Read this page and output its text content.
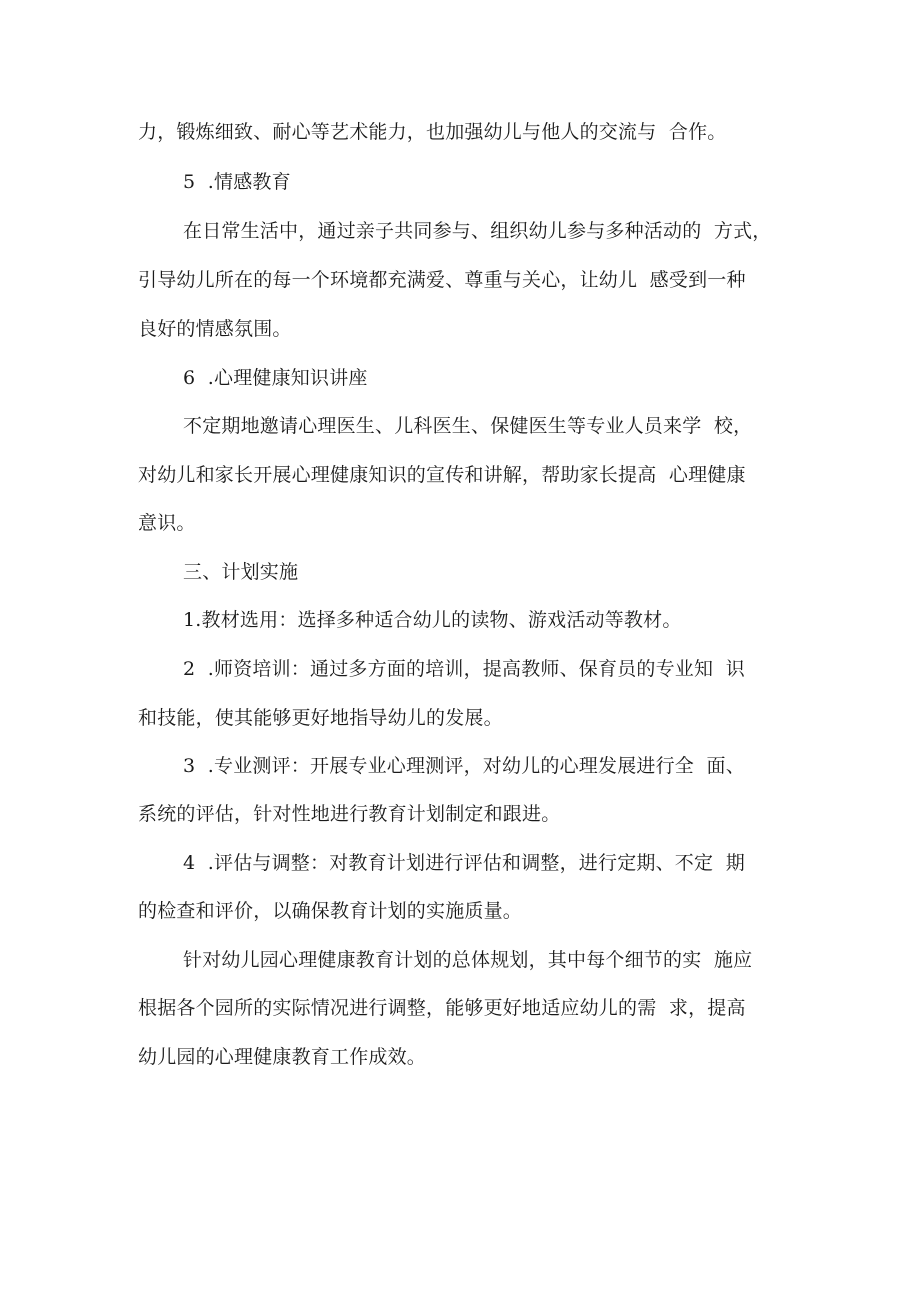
力，锻炼细致、耐心等艺术能力，也加强幼儿与他人的交流与  合作。
5  .情感教育
在日常生活中，通过亲子共同参与、组织幼儿参与多种活动的  方式，
引导幼儿所在的每一个环境都充满爱、尊重与关心，让幼儿  感受到一种
良好的情感氛围。
6  .心理健康知识讲座
不定期地邀请心理医生、儿科医生、保健医生等专业人员来学  校，
对幼儿和家长开展心理健康知识的宣传和讲解，帮助家长提高  心理健康
意识。
三、计划实施
1.教材选用：选择多种适合幼儿的读物、游戏活动等教材。
2  .师资培训：通过多方面的培训，提高教师、保育员的专业知  识
和技能，使其能够更好地指导幼儿的发展。
3  .专业测评：开展专业心理测评，对幼儿的心理发展进行全  面、
系统的评估，针对性地进行教育计划制定和跟进。
4  .评估与调整：对教育计划进行评估和调整，进行定期、不定  期
的检查和评价，以确保教育计划的实施质量。
针对幼儿园心理健康教育计划的总体规划，其中每个细节的实  施应
根据各个园所的实际情况进行调整，能够更好地适应幼儿的需  求，提高
幼儿园的心理健康教育工作成效。
